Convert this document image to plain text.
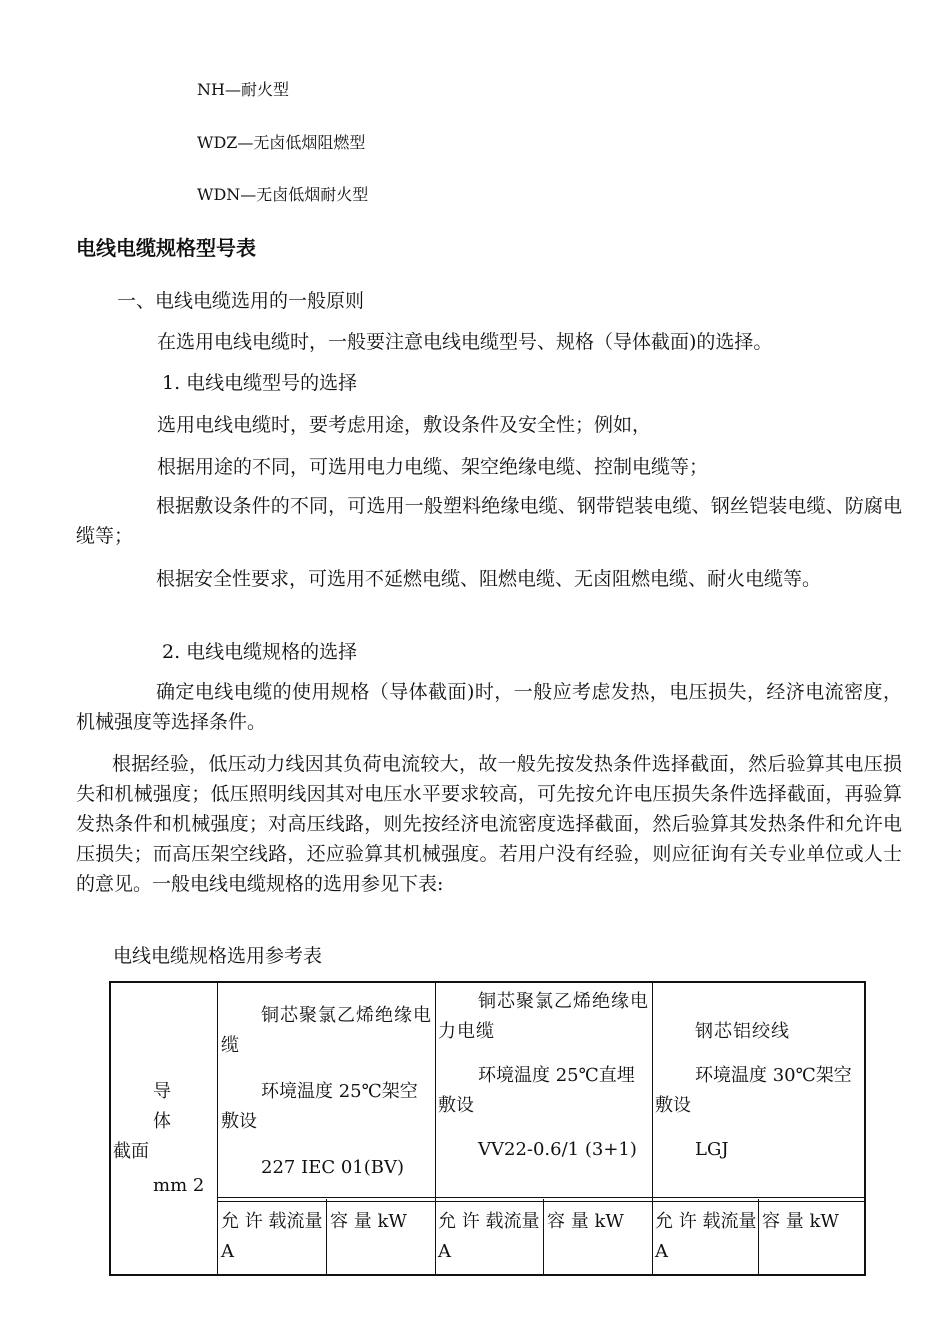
NH—耐火型
WDZ—无卤低烟阻燃型
WDN—无卤低烟耐火型
电线电缆规格型号表
一、电线电缆选用的一般原则
在选用电线电缆时，一般要注意电线电缆型号、规格（导体截面)的选择。
1. 电线电缆型号的选择
选用电线电缆时，要考虑用途，敷设条件及安全性；例如，
根据用途的不同，可选用电力电缆、架空绝缘电缆、控制电缆等；
根据敷设条件的不同，可选用一般塑料绝缘电缆、钢带铠装电缆、钢丝铠装电缆、防腐电缆等；
根据安全性要求，可选用不延燃电缆、阻燃电缆、无卤阻燃电缆、耐火电缆等。
2. 电线电缆规格的选择
确定电线电缆的使用规格（导体截面)时，一般应考虑发热，电压损失，经济电流密度，机械强度等选择条件。
根据经验，低压动力线因其负荷电流较大，故一般先按发热条件选择截面，然后验算其电压损失和机械强度；低压照明线因其对电压水平要求较高，可先按允许电压损失条件选择截面，再验算发热条件和机械强度；对高压线路，则先按经济电流密度选择截面，然后验算其发热条件和允许电压损失；而高压架空线路，还应验算其机械强度。若用户没有经验，则应征询有关专业单位或人士的意见。一般电线电缆规格的选用参见下表:
电线电缆规格选用参考表

导 体

截面

mm 2

铜芯聚氯乙烯绝缘电缆

环境温度 25℃架空敷设

227 IEC 01(BV)

铜芯聚氯乙烯绝缘电力电缆

环境温度 25℃直埋敷设

VV22-0.6/1 (3+1)

钢芯铝绞线

环境温度 30℃架空敷设

LGJ

允 许 载流量 A
容 量 kW	允 许 载流量 A
容 量 kW	允 许 载流量 A
容 量 kW
